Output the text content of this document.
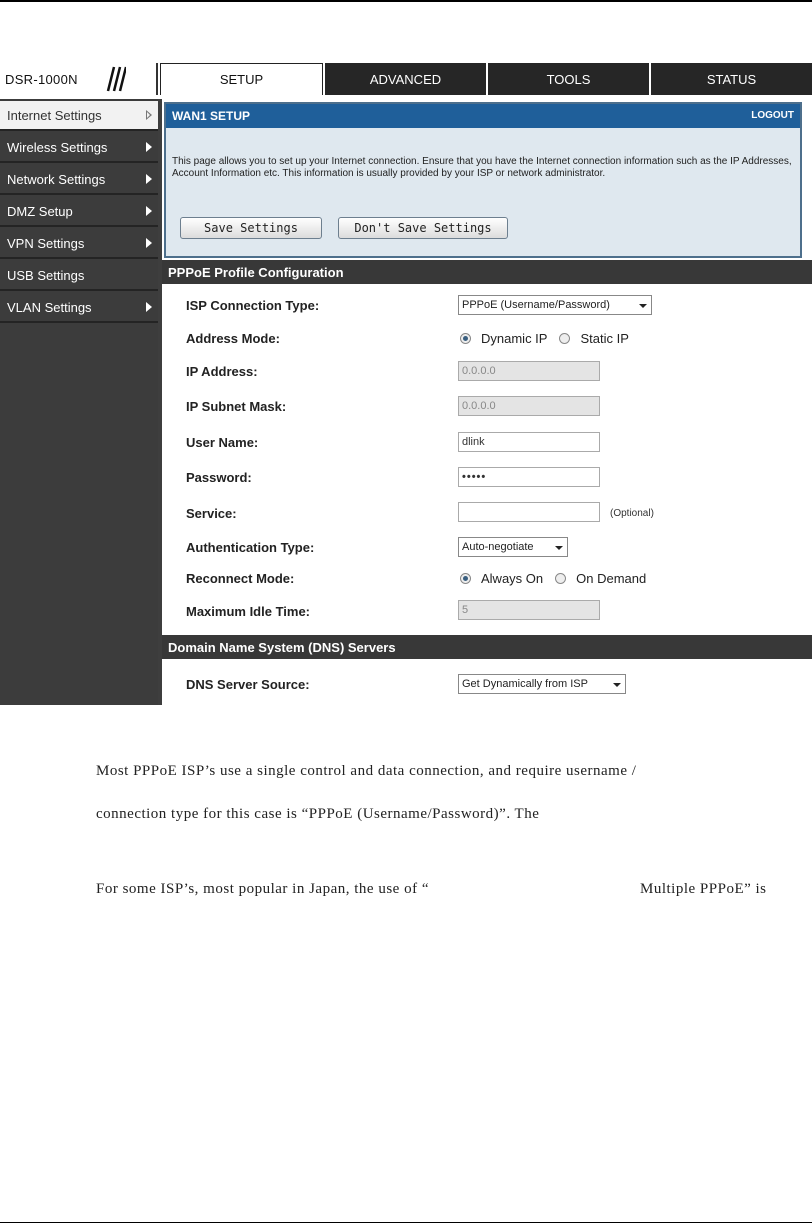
DSR-1000N	SETUP	ADVANCED	TOOLS	STATUS
Internet Settings
Wireless Settings
Network Settings
DMZ Setup
VPN Settings
USB Settings
VLAN Settings
WAN1 SETUP	LOGOUT
This page allows you to set up your Internet connection. Ensure that you have the Internet connection information such as the IP Addresses, Account Information etc. This information is usually provided by your ISP or network administrator.
Save Settings	Don't Save Settings
PPPoE Profile Configuration
ISP Connection Type:	PPPoE (Username/Password)
Address Mode:	Dynamic IP	Static IP
IP Address:	0.0.0.0
IP Subnet Mask:	0.0.0.0
User Name:	dlink
Password:	•••••
Service:	(Optional)
Authentication Type:	Auto-negotiate
Reconnect Mode:	Always On	On Demand
Maximum Idle Time:	5
Domain Name System (DNS) Servers
DNS Server Source:	Get Dynamically from ISP
Most PPPoE ISP’s use a single control and data connection, and require username /
connection type for this case is “PPPoE (Username/Password)”. The
For some ISP’s, most popular in Japan, the use of “	Multiple PPPoE” is
